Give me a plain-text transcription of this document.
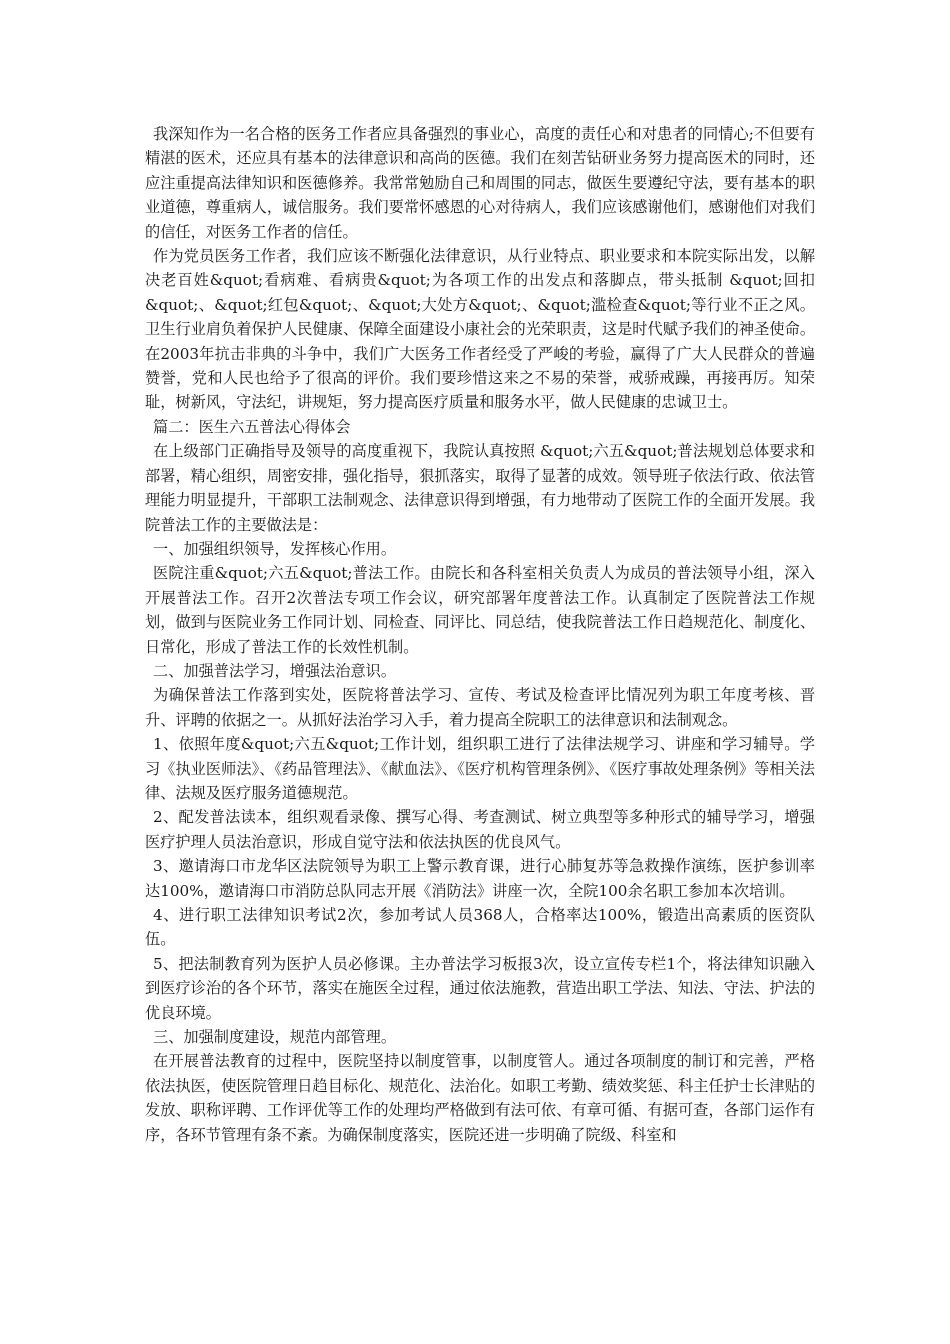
我深知作为一名合格的医务工作者应具备强烈的事业心，高度的责任心和对患者的同情心;不但要有精湛的医术，还应具有基本的法律意识和高尚的医德。我们在刻苦钻研业务努力提高医术的同时，还应注重提高法律知识和医德修养。我常常勉励自己和周围的同志，做医生要遵纪守法，要有基本的职业道德，尊重病人，诚信服务。我们要常怀感恩的心对待病人，我们应该感谢他们，感谢他们对我们的信任，对医务工作者的信任。

作为党员医务工作者，我们应该不断强化法律意识，从行业特点、职业要求和本院实际出发，以解决老百姓&quot;看病难、看病贵&quot;为各项工作的出发点和落脚点，带头抵制 &quot;回扣&quot;、&quot;红包&quot;、&quot;大处方&quot;、&quot;滥检查&quot;等行业不正之风。卫生行业肩负着保护人民健康、保障全面建设小康社会的光荣职责，这是时代赋予我们的神圣使命。在2003年抗击非典的斗争中，我们广大医务工作者经受了严峻的考验，赢得了广大人民群众的普遍赞誉，党和人民也给予了很高的评价。我们要珍惜这来之不易的荣誉，戒骄戒躁，再接再厉。知荣耻，树新风，守法纪，讲规矩，努力提高医疗质量和服务水平，做人民健康的忠诚卫士。

篇二：医生六五普法心得体会

在上级部门正确指导及领导的高度重视下，我院认真按照 &quot;六五&quot;普法规划总体要求和部署，精心组织，周密安排，强化指导，狠抓落实，取得了显著的成效。领导班子依法行政、依法管理能力明显提升，干部职工法制观念、法律意识得到增强，有力地带动了医院工作的全面开发展。我院普法工作的主要做法是：

一、加强组织领导，发挥核心作用。

医院注重&quot;六五&quot;普法工作。由院长和各科室相关负责人为成员的普法领导小组，深入开展普法工作。召开2次普法专项工作会议，研究部署年度普法工作。认真制定了医院普法工作规划，做到与医院业务工作同计划、同检查、同评比、同总结，使我院普法工作日趋规范化、制度化、日常化，形成了普法工作的长效性机制。

二、加强普法学习，增强法治意识。

为确保普法工作落到实处，医院将普法学习、宣传、考试及检查评比情况列为职工年度考核、晋升、评聘的依据之一。从抓好法治学习入手，着力提高全院职工的法律意识和法制观念。

1、依照年度&quot;六五&quot;工作计划，组织职工进行了法律法规学习、讲座和学习辅导。学习《执业医师法》、《药品管理法》、《献血法》、《医疗机构管理条例》、《医疗事故处理条例》等相关法律、法规及医疗服务道德规范。

2、配发普法读本，组织观看录像、撰写心得、考查测试、树立典型等多种形式的辅导学习，增强医疗护理人员法治意识，形成自觉守法和依法执医的优良风气。

3、邀请海口市龙华区法院领导为职工上警示教育课，进行心肺复苏等急救操作演练，医护参训率达100%，邀请海口市消防总队同志开展《消防法》讲座一次，全院100余名职工参加本次培训。

4、进行职工法律知识考试2次，参加考试人员368人，合格率达100%，锻造出高素质的医资队伍。

5、把法制教育列为医护人员必修课。主办普法学习板报3次，设立宣传专栏1个，将法律知识融入到医疗诊治的各个环节，落实在施医全过程，通过依法施教，营造出职工学法、知法、守法、护法的优良环境。

三、加强制度建设，规范内部管理。

在开展普法教育的过程中，医院坚持以制度管事，以制度管人。通过各项制度的制订和完善，严格依法执医，使医院管理日趋目标化、规范化、法治化。如职工考勤、绩效奖惩、科主任护士长津贴的发放、职称评聘、工作评优等工作的处理均严格做到有法可依、有章可循、有据可查，各部门运作有序，各环节管理有条不紊。为确保制度落实，医院还进一步明确了院级、科室和
